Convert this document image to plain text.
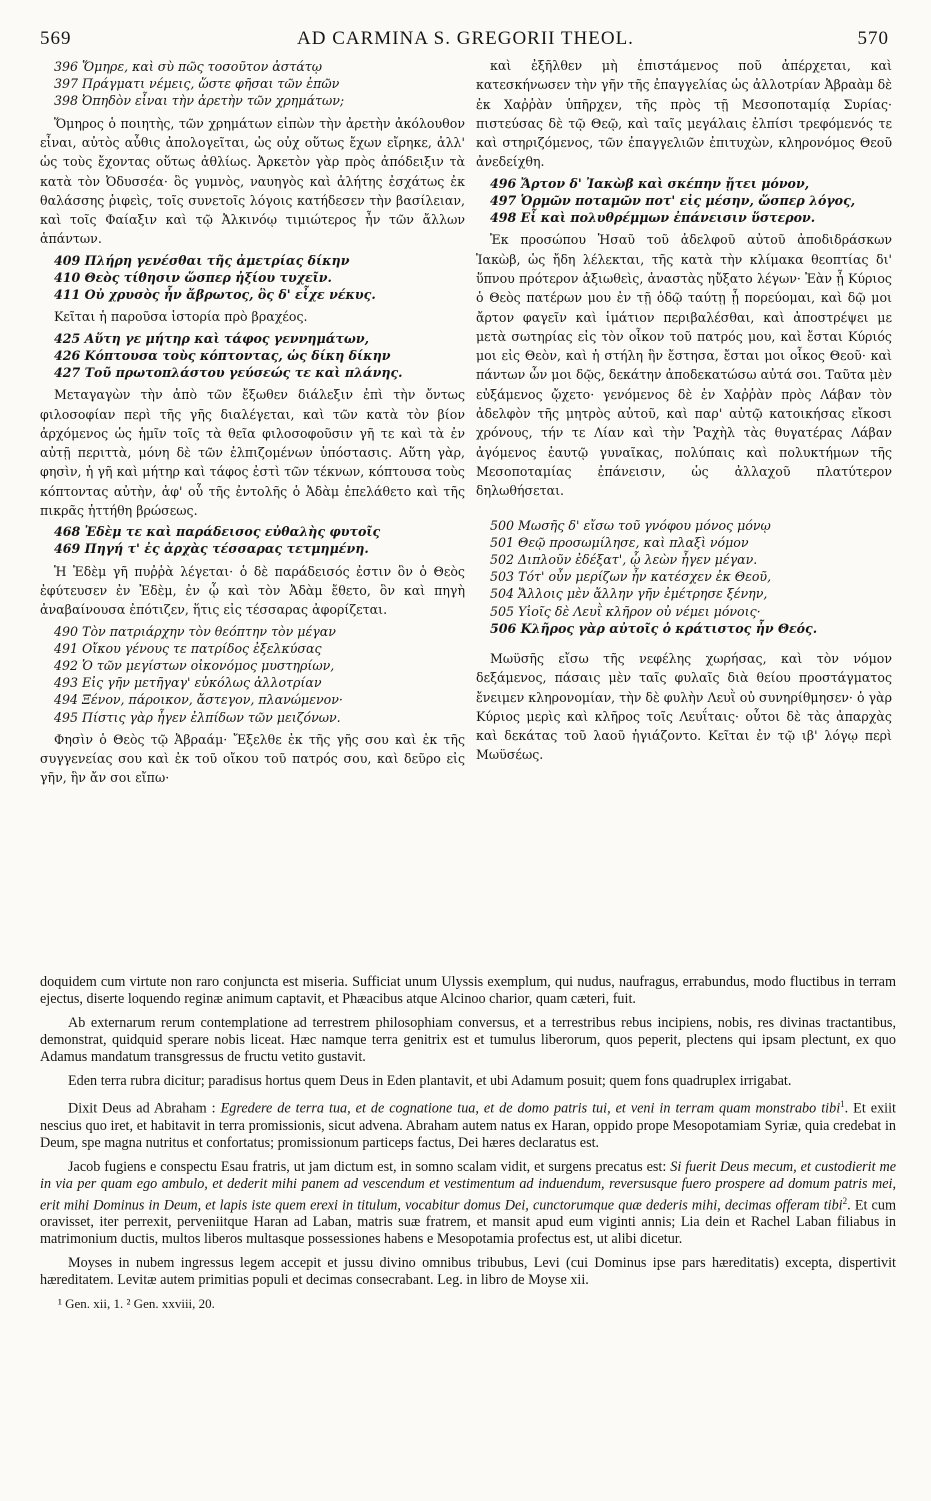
569	AD CARMINA S. GREGORII THEOL.	570

396 Ὅμηρε, καὶ σὺ πῶς τοσοῦτον ἀστάτῳ

397 Πράγματι νέμεις, ὥστε φῆσαι τῶν ἐπῶν

398 Ὀπηδὸν εἶναι τὴν ἀρετὴν τῶν χρημάτων;

Ὅμηρος ὁ ποιητὴς, τῶν χρημάτων εἰπὼν τὴν ἀρετὴν ἀκόλουθον εἶναι, αὐτὸς αὖθις ἀπολογεῖται, ὡς οὐχ οὕτως ἔχων εἴρηκε, ἀλλ' ὡς τοὺς ἔχοντας οὕτως ἀθλίως. Ἀρκετὸν γὰρ πρὸς ἀπόδειξιν τὰ κατὰ τὸν Ὀδυσσέα· ὃς γυμνὸς, ναυηγὸς καὶ ἀλήτης ἐσχάτως ἐκ θαλάσσης ῥιφεὶς, τοῖς συνετοῖς λόγοις κατήδεσεν τὴν βασίλειαν, καὶ τοῖς Φαίαξιν καὶ τῷ Ἀλκινόῳ τιμιώτερος ἦν τῶν ἄλλων ἁπάντων.

409 Πλήρη γενέσθαι τῆς ἀμετρίας δίκην

410 Θεὸς τίθησιν ὥσπερ ἠξίου τυχεῖν.

411 Οὐ χρυσὸς ἦν ἄβρωτος, ὃς δ' εἶχε νέκυς.

Κεῖται ἡ παροῦσα ἱστορία πρὸ βραχέος.

425 Αὕτη γε μήτηρ καὶ τάφος γεννημάτων,

426 Κόπτουσα τοὺς κόπτοντας, ὡς δίκη δίκην

427 Τοῦ πρωτοπλάστου γεύσεώς τε καὶ πλάνης.

Μεταγαγὼν τὴν ἀπὸ τῶν ἔξωθεν διάλεξιν ἐπὶ τὴν ὄντως φιλοσοφίαν περὶ τῆς γῆς διαλέγεται, καὶ τῶν κατὰ τὸν βίον ἀρχόμενος ὡς ἡμῖν τοῖς τὰ θεῖα φιλοσοφοῦσιν γῆ τε καὶ τὰ ἐν αὐτῇ περιττὰ, μόνη δὲ τῶν ἐλπιζομένων ὑπόστασις. Αὕτη γὰρ, φησὶν, ἡ γῆ καὶ μήτηρ καὶ τάφος ἐστὶ τῶν τέκνων, κόπτουσα τοὺς κόπτοντας αὐτὴν, ἀφ' οὗ τῆς ἐντολῆς ὁ Ἀδὰμ ἐπελάθετο καὶ τῆς πικρᾶς ἡττήθη βρώσεως.

468 Ἐδὲμ τε καὶ παράδεισος εὐθαλὴς φυτοῖς

469 Πηγή τ' ἐς ἀρχὰς τέσσαρας τετμημένη.

Ἡ Ἐδὲμ γῆ πυῤῥὰ λέγεται· ὁ δὲ παράδεισός ἐστιν ὃν ὁ Θεὸς ἐφύτευσεν ἐν Ἐδὲμ, ἐν ᾧ καὶ τὸν Ἀδὰμ ἔθετο, ὃν καὶ πηγὴ ἀναβαίνουσα ἐπότιζεν, ἥτις εἰς τέσσαρας ἀφορίζεται.

490 Τὸν πατριάρχην τὸν θεόπτην τὸν μέγαν

491 Οἴκου γένους τε πατρίδος ἐξελκύσας

492 Ὁ τῶν μεγίστων οἰκονόμος μυστηρίων,

493 Εἰς γῆν μετῆγαγ' εὐκόλως ἀλλοτρίαν

494 Ξένον, πάροικον, ἄστεγον, πλανώμενον·

495 Πίστις γὰρ ἦγεν ἐλπίδων τῶν μειζόνων.

Φησὶν ὁ Θεὸς τῷ Ἀβραάμ· Ἔξελθε ἐκ τῆς γῆς σου καὶ ἐκ τῆς συγγενείας σου καὶ ἐκ τοῦ οἴκου τοῦ πατρός σου, καὶ δεῦρο εἰς γῆν, ἣν ἄν σοι εἴπω·

καὶ ἐξῆλθεν μὴ ἐπιστάμενος ποῦ ἀπέρχεται, καὶ κατεσκήνωσεν τὴν γῆν τῆς ἐπαγγελίας ὡς ἀλλοτρίαν Ἀβραὰμ δὲ ἐκ Χαῤῥὰν ὑπῆρχεν, τῆς πρὸς τῇ Μεσοποταμίᾳ Συρίας· πιστεύσας δὲ τῷ Θεῷ, καὶ ταῖς μεγάλαις ἐλπίσι τρεφόμενός τε καὶ στηριζόμενος, τῶν ἐπαγγελιῶν ἐπιτυχὼν, κληρονόμος Θεοῦ ἀνεδείχθη.

496 Ἄρτον δ' Ἰακὼβ καὶ σκέπην ᾔτει μόνον,

497 Ὁρμῶν ποταμῶν ποτ' εἰς μέσην, ὥσπερ λόγος,

498 Εἶ καὶ πολυθρέμμων ἐπάνεισιν ὕστερον.

Ἐκ προσώπου Ἡσαῦ τοῦ ἀδελφοῦ αὐτοῦ ἀποδιδράσκων Ἰακὼβ, ὡς ἤδη λέλεκται, τῆς κατὰ τὴν κλίμακα θεοπτίας δι' ὕπνου πρότερον ἀξιωθεὶς, ἀναστὰς ηὔξατο λέγων· Ἐὰν ᾖ Κύριος ὁ Θεὸς πατέρων μου ἐν τῇ ὁδῷ ταύτῃ ᾗ πορεύομαι, καὶ δῷ μοι ἄρτον φαγεῖν καὶ ἱμάτιον περιβαλέσθαι, καὶ ἀποστρέψει με μετὰ σωτηρίας εἰς τὸν οἶκον τοῦ πατρός μου, καὶ ἔσται Κύριός μοι εἰς Θεὸν, καὶ ἡ στήλη ἣν ἔστησα, ἔσται μοι οἶκος Θεοῦ· καὶ πάντων ὧν μοι δῷς, δεκάτην ἀποδεκατώσω αὐτά σοι. Ταῦτα μὲν εὐξάμενος ᾤχετο· γενόμενος δὲ ἐν Χαῤῥὰν πρὸς Λάβαν τὸν ἀδελφὸν τῆς μητρὸς αὐτοῦ, καὶ παρ' αὐτῷ κατοικήσας εἴκοσι χρόνους, τήν τε Λίαν καὶ τὴν Ῥαχὴλ τὰς θυγατέρας Λάβαν ἀγόμενος ἑαυτῷ γυναῖκας, πολύπαις καὶ πολυκτήμων τῆς Μεσοποταμίας ἐπάνεισιν, ὡς ἀλλαχοῦ πλατύτερον δηλωθήσεται.

500 Μωσῆς δ' εἴσω τοῦ γνόφου μόνος μόνῳ

501 Θεῷ προσωμίλησε, καὶ πλαξὶ νόμον

502 Διπλοῦν ἐδέξατ', ᾧ λεὼν ἦγεν μέγαν.

503 Τότ' οὖν μερίζων ἦν κατέσχεν ἐκ Θεοῦ,

504 Ἄλλοις μὲν ἄλλην γῆν ἐμέτρησε ξένην,

505 Υἱοῖς δὲ Λευῒ κλῆρον οὐ νέμει μόνοις·

506 Κλῆρος γὰρ αὐτοῖς ὁ κράτιστος ἦν Θεός.

Μωϋσῆς εἴσω τῆς νεφέλης χωρήσας, καὶ τὸν νόμον δεξάμενος, πάσαις μὲν ταῖς φυλαῖς διὰ θείου προστάγματος ἔνειμεν κληρονομίαν, τὴν δὲ φυλὴν Λευῒ οὐ συνηρίθμησεν· ὁ γὰρ Κύριος μερὶς καὶ κλῆρος τοῖς Λευΐταις· οὗτοι δὲ τὰς ἀπαρχὰς καὶ δεκάτας τοῦ λαοῦ ἡγιάζοντο. Κεῖται ἐν τῷ ιβ' λόγῳ περὶ Μωϋσέως.

doquidem cum virtute non raro conjuncta est miseria. Sufficiat unum Ulyssis exemplum, qui nudus, naufragus, errabundus, modo fluctibus in terram ejectus, diserte loquendo reginæ animum captavit, et Phæacibus atque Alcinoo charior, quam cæteri, fuit.

Ab externarum rerum contemplatione ad terrestrem philosophiam conversus, et a terrestribus rebus incipiens, nobis, res divinas tractantibus, demonstrat, quidquid sperare nobis liceat. Hæc namque terra genitrix est et tumulus liberorum, quos peperit, plectens qui ipsam plectunt, ex quo Adamus mandatum transgressus de fructu vetito gustavit.

Eden terra rubra dicitur; paradisus hortus quem Deus in Eden plantavit, et ubi Adamum posuit; quem fons quadruplex irrigabat.

Dixit Deus ad Abraham : Egredere de terra tua, et de cognatione tua, et de domo patris tui, et veni in terram quam monstrabo tibi$^1$. Et exiit nescius quo iret, et habitavit in terra promissionis, sicut advena. Abraham autem natus ex Haran, oppido prope Mesopotamiam Syriæ, quia credebat in Deum, spe magna nutritus et confortatus; promissionum particeps factus, Dei hæres declaratus est.

Jacob fugiens e conspectu Esau fratris, ut jam dictum est, in somno scalam vidit, et surgens precatus est: Si fuerit Deus mecum, et custodierit me in via per quam ego ambulo, et dederit mihi panem ad vescendum et vestimentum ad induendum, reversusque fuero prospere ad domum patris mei, erit mihi Dominus in Deum, et lapis iste quem erexi in titulum, vocabitur domus Dei, cunctorumque quæ dederis mihi, decimas offeram tibi$^2$. Et cum oravisset, iter perrexit, perveniitque Haran ad Laban, matris suæ fratrem, et mansit apud eum viginti annis; Lia dein et Rachel Laban filiabus in matrimonium ductis, multos liberos multasque possessiones habens e Mesopotamia profectus est, ut alibi dicetur.

Moyses in nubem ingressus legem accepit et jussu divino omnibus tribubus, Levi (cui Dominus ipse pars hæreditatis) excepta, dispertivit hæreditatem. Levitæ autem primitias populi et decimas consecrabant. Leg. in libro de Moyse xii.

¹ Gen. xii, 1. ² Gen. xxviii, 20.
